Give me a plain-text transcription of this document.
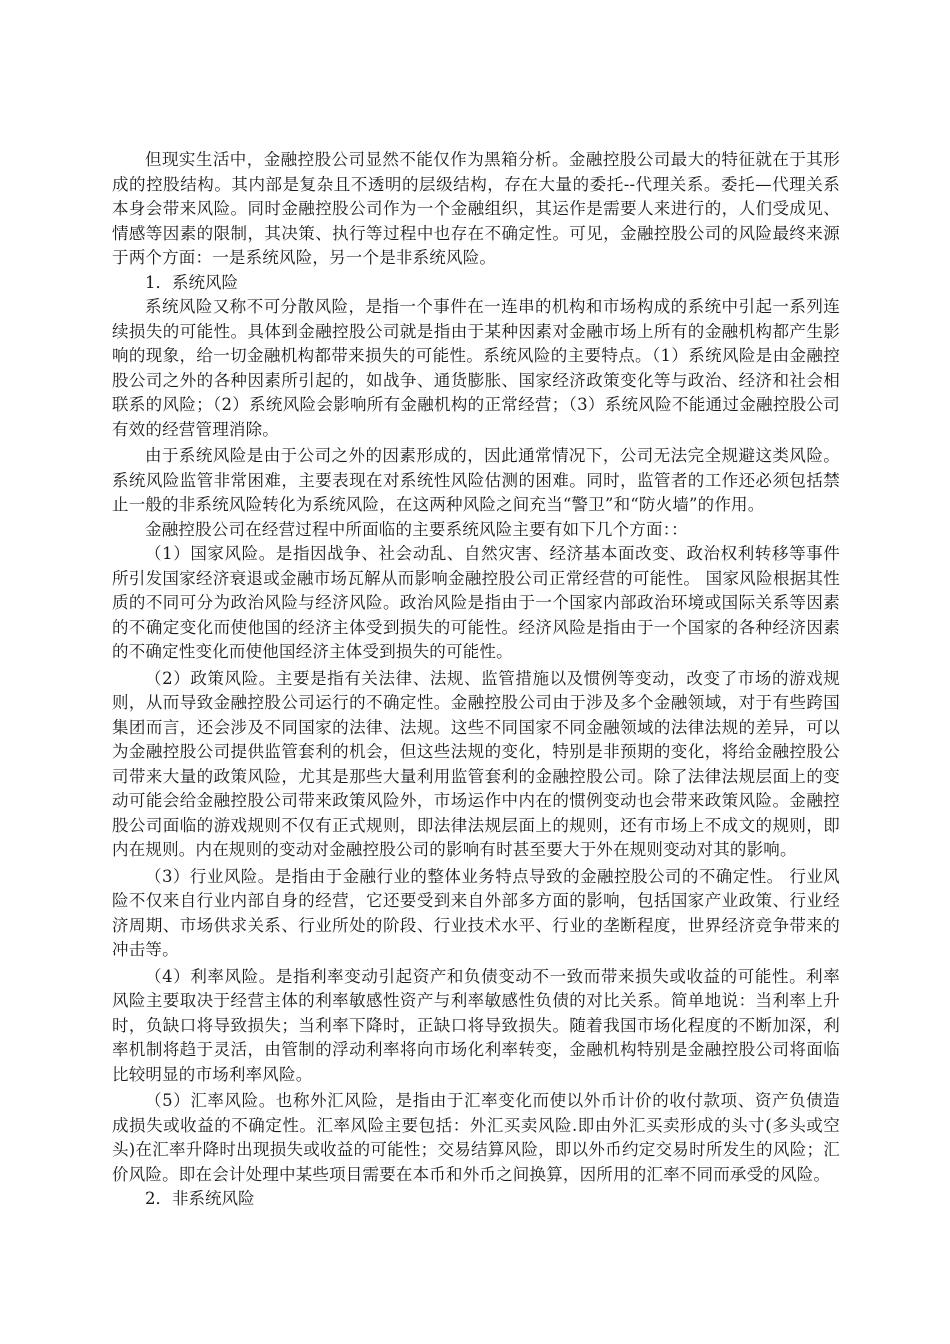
但现实生活中，金融控股公司显然不能仅作为黑箱分析。金融控股公司最大的特征就在于其形成的控股结构。其内部是复杂且不透明的层级结构，存在大量的委托--代理关系。委托—代理关系本身会带来风险。同时金融控股公司作为一个金融组织，其运作是需要人来进行的，人们受成见、情感等因素的限制，其决策、执行等过程中也存在不确定性。可见，金融控股公司的风险最终来源于两个方面：一是系统风险，另一个是非系统风险。

1．系统风险

系统风险又称不可分散风险，是指一个事件在一连串的机构和市场构成的系统中引起一系列连续损失的可能性。具体到金融控股公司就是指由于某种因素对金融市场上所有的金融机构都产生影响的现象，给一切金融机构都带来损失的可能性。系统风险的主要特点。（1）系统风险是由金融控股公司之外的各种因素所引起的，如战争、通货膨胀、国家经济政策变化等与政治、经济和社会相联系的风险；（2）系统风险会影响所有金融机构的正常经营；（3）系统风险不能通过金融控股公司有效的经营管理消除。

由于系统风险是由于公司之外的因素形成的，因此通常情况下，公司无法完全规避这类风险。系统风险监管非常困难，主要表现在对系统性风险估测的困难。同时，监管者的工作还必须包括禁止一般的非系统风险转化为系统风险，在这两种风险之间充当“警卫”和“防火墙”的作用。

金融控股公司在经营过程中所面临的主要系统风险主要有如下几个方面：：

（1）国家风险。是指因战争、社会动乱、自然灾害、经济基本面改变、政治权利转移等事件所引发国家经济衰退或金融市场瓦解从而影响金融控股公司正常经营的可能性。 国家风险根据其性质的不同可分为政治风险与经济风险。政治风险是指由于一个国家内部政治环境或国际关系等因素的不确定变化而使他国的经济主体受到损失的可能性。经济风险是指由于一个国家的各种经济因素的不确定性变化而使他国经济主体受到损失的可能性。

（2）政策风险。主要是指有关法律、法规、监管措施以及惯例等变动，改变了市场的游戏规则，从而导致金融控股公司运行的不确定性。金融控股公司由于涉及多个金融领域，对于有些跨国集团而言，还会涉及不同国家的法律、法规。这些不同国家不同金融领域的法律法规的差异，可以为金融控股公司提供监管套利的机会，但这些法规的变化，特别是非预期的变化，将给金融控股公司带来大量的政策风险，尤其是那些大量利用监管套利的金融控股公司。除了法律法规层面上的变动可能会给金融控股公司带来政策风险外，市场运作中内在的惯例变动也会带来政策风险。金融控股公司面临的游戏规则不仅有正式规则，即法律法规层面上的规则，还有市场上不成文的规则，即内在规则。内在规则的变动对金融控股公司的影响有时甚至要大于外在规则变动对其的影响。

（3）行业风险。是指由于金融行业的整体业务特点导致的金融控股公司的不确定性。 行业风险不仅来自行业内部自身的经营，它还要受到来自外部多方面的影响，包括国家产业政策、行业经济周期、市场供求关系、行业所处的阶段、行业技术水平、行业的垄断程度，世界经济竞争带来的冲击等。

（4）利率风险。是指利率变动引起资产和负债变动不一致而带来损失或收益的可能性。利率风险主要取决于经营主体的利率敏感性资产与利率敏感性负债的对比关系。简单地说：当利率上升时，负缺口将导致损失；当利率下降时，正缺口将导致损失。随着我国市场化程度的不断加深，利率机制将趋于灵活，由管制的浮动利率将向市场化利率转变，金融机构特别是金融控股公司将面临比较明显的市场利率风险。

（5）汇率风险。也称外汇风险，是指由于汇率变化而使以外币计价的收付款项、资产负债造成损失或收益的不确定性。汇率风险主要包括：外汇买卖风险.即由外汇买卖形成的头寸(多头或空头)在汇率升降时出现损失或收益的可能性；交易结算风险，即以外币约定交易时所发生的风险；汇价风险。即在会计处理中某些项目需要在本币和外币之间换算，因所用的汇率不同而承受的风险。

2．非系统风险
